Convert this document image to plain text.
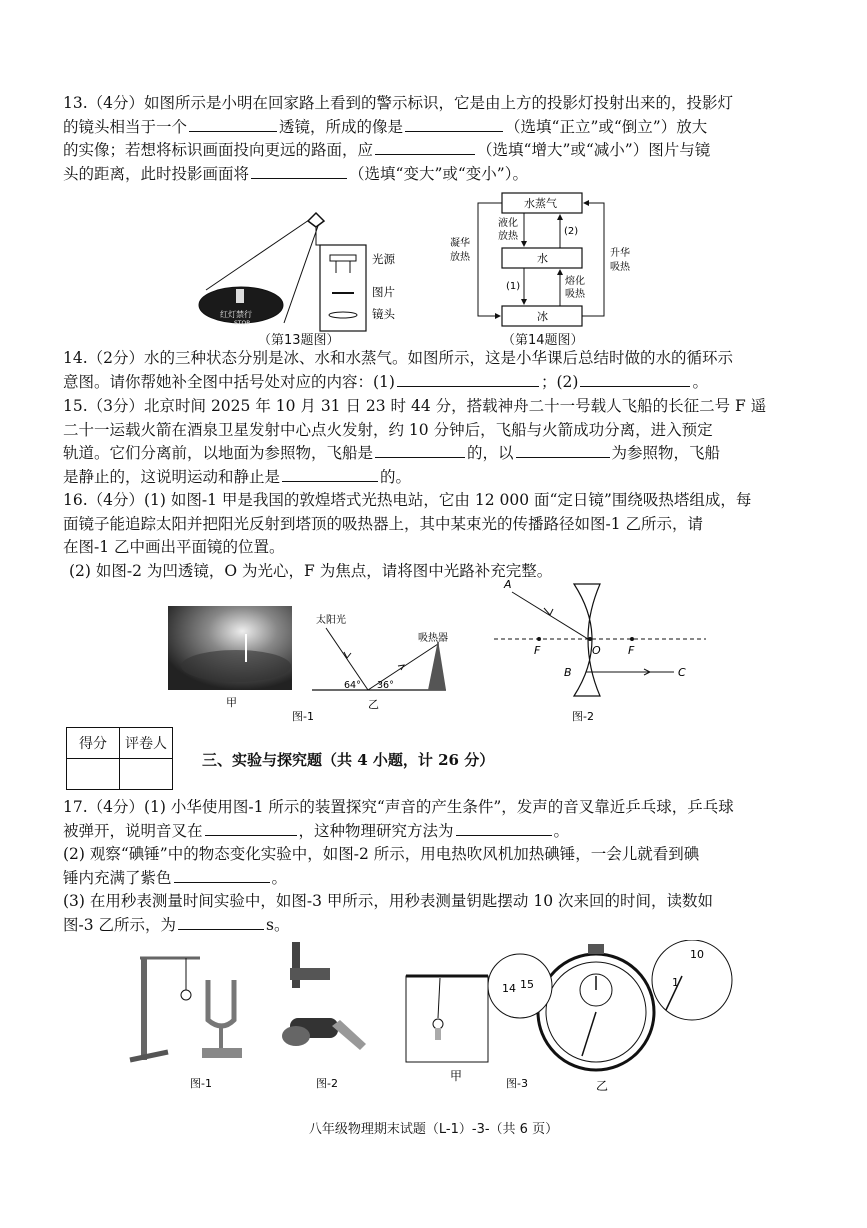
13.（4分）如图所示是小明在回家路上看到的警示标识，它是由上方的投影灯投射出来的，投影灯

的镜头相当于一个	透镜，所成的像是	（选填“正立”或“倒立”）放大

的实像；若想将标识画面投向更远的路面，应	（选填“增大”或“减小”）图片与镜

头的距离，此时投影画面将	（选填“变大”或“变小”）。

红灯禁行
STOP
光源
图片
镜头
（第13题图）
水蒸气
水
冰
液化
放热	(2)
(1)	熔化
吸热
凝华
放热	升华
吸热
（第14题图）

14.（2分）水的三种状态分别是冰、水和水蒸气。如图所示，这是小华课后总结时做的水的循环示

意图。请你帮她补全图中括号处对应的内容：(1)	；(2)	。

15.（3分）北京时间 2025 年 10 月 31 日 23 时 44 分，搭载神舟二十一号载人飞船的长征二号 F 遥

二十一运载火箭在酒泉卫星发射中心点火发射，约 10 分钟后，飞船与火箭成功分离，进入预定

轨道。它们分离前，以地面为参照物，飞船是	的，以	为参照物，飞船

是静止的，这说明运动和静止是	的。

16.（4分）(1) 如图-1 甲是我国的敦煌塔式光热电站，它由 12 000 面“定日镜”围绕吸热塔组成，每

面镜子能追踪太阳并把阳光反射到塔顶的吸热器上，其中某束光的传播路径如图-1 乙所示，请

在图-1 乙中画出平面镜的位置。

(2) 如图-2 为凹透镜，O 为光心，F 为焦点，请将图中光路补充完整。

甲
图-1
太阳光
吸热器
64° 36°
乙
A
B	C
F	O F
图-2
得分	评卷人

三、实验与探究题（共 4 小题，计 26 分）

17.（4分）(1) 小华使用图-1 所示的装置探究“声音的产生条件”，发声的音叉靠近乒乓球，乒乓球

被弹开，说明音叉在	，这种物理研究方法为	。

(2) 观察“碘锤”中的物态变化实验中，如图-2 所示，用电热吹风机加热碘锤，一会儿就看到碘

锤内充满了紫色	。

(3) 在用秒表测量时间实验中，如图-3 甲所示，用秒表测量钥匙摆动 10 次来回的时间，读数如

图-3 乙所示，为	s。

图-1	图-2
甲
14 15
10
1
图-3	乙
八年级物理期末试题（L-1）-3-（共 6 页）
